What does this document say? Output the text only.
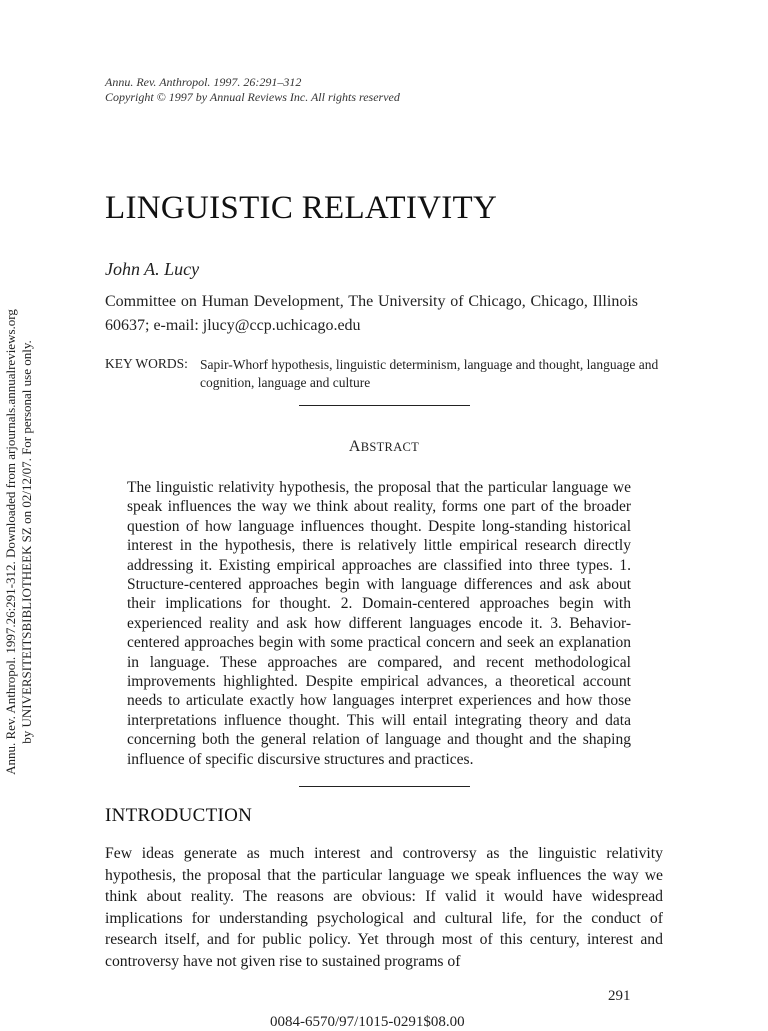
Annu. Rev. Anthropol. 1997.26:291-312. Downloaded from arjournals.annualreviews.org by UNIVERSITEITSBIBLIOTHEEK SZ on 02/12/07. For personal use only.
Annu. Rev. Anthropol. 1997. 26:291–312
Copyright © 1997 by Annual Reviews Inc. All rights reserved
LINGUISTIC RELATIVITY
John A. Lucy
Committee on Human Development, The University of Chicago, Chicago, Illinois 60637; e-mail: jlucy@ccp.uchicago.edu
KEY WORDS: Sapir-Whorf hypothesis, linguistic determinism, language and thought, language and cognition, language and culture
ABSTRACT
The linguistic relativity hypothesis, the proposal that the particular language we speak influences the way we think about reality, forms one part of the broader question of how language influences thought. Despite long-standing historical interest in the hypothesis, there is relatively little empirical research directly addressing it. Existing empirical approaches are classified into three types. 1. Structure-centered approaches begin with language differences and ask about their implications for thought. 2. Domain-centered approaches begin with experienced reality and ask how different languages encode it. 3. Behavior-centered approaches begin with some practical concern and seek an explanation in language. These approaches are compared, and recent methodological improvements highlighted. Despite empirical advances, a theoretical account needs to articulate exactly how languages interpret experiences and how those interpretations influence thought. This will entail integrating theory and data concerning both the general relation of language and thought and the shaping influence of specific discursive structures and practices.
INTRODUCTION
Few ideas generate as much interest and controversy as the linguistic relativity hypothesis, the proposal that the particular language we speak influences the way we think about reality. The reasons are obvious: If valid it would have widespread implications for understanding psychological and cultural life, for the conduct of research itself, and for public policy. Yet through most of this century, interest and controversy have not given rise to sustained programs of
291
0084-6570/97/1015-0291$08.00
